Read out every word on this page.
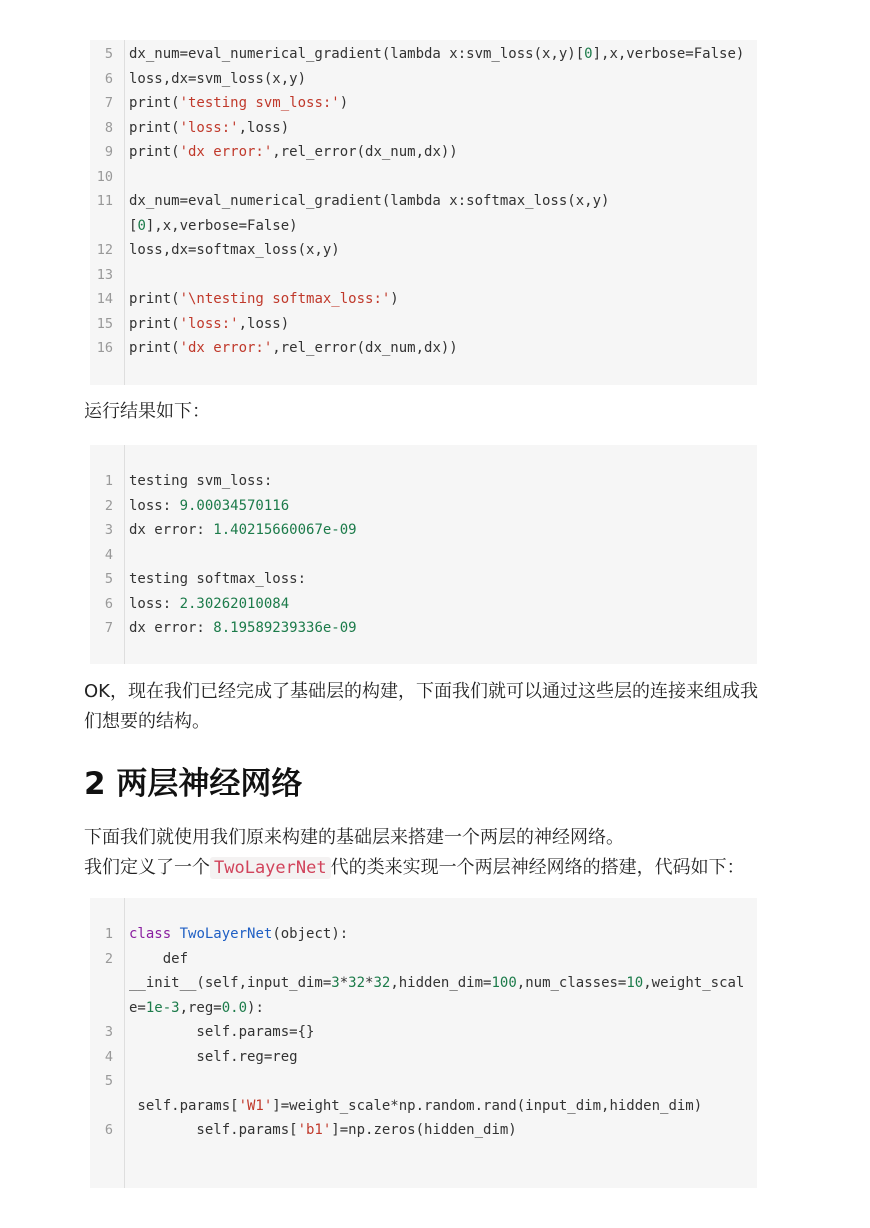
5 dx_num=eval_numerical_gradient(lambda x:svm_loss(x,y)[0],x,verbose=False)
6 loss,dx=svm_loss(x,y)
7 print('testing svm_loss:')
8 print('loss:',loss)
9 print('dx error:',rel_error(dx_num,dx))
10
11 dx_num=eval_numerical_gradient(lambda x:softmax_loss(x,y)
[0],x,verbose=False)
12 loss,dx=softmax_loss(x,y)
13
14 print('\ntesting softmax_loss:')
15 print('loss:',loss)
16 print('dx error:',rel_error(dx_num,dx))
运行结果如下：
1 testing svm_loss:
2 loss: 9.00034570116
3 dx error: 1.40215660067e-09
4
5 testing softmax_loss:
6 loss: 2.30262010084
7 dx error: 8.19589239336e-09
OK，现在我们已经完成了基础层的构建，下面我们就可以通过这些层的连接来组成我
们想要的结构。
2 两层神经网络
下面我们就使用我们原来构建的基础层来搭建一个两层的神经网络。
我们定义了一个 TwoLayerNet 代的类来实现一个两层神经网络的搭建，代码如下：
1 class TwoLayerNet(object):
2 def
__init__(self,input_dim=3*32*32,hidden_dim=100,num_classes=10,weight_scal
e=1e-3,reg=0.0):
3 self.params={}
4 self.reg=reg
5
self.params['W1']=weight_scale*np.random.rand(input_dim,hidden_dim)
6 self.params['b1']=np.zeros(hidden_dim)
